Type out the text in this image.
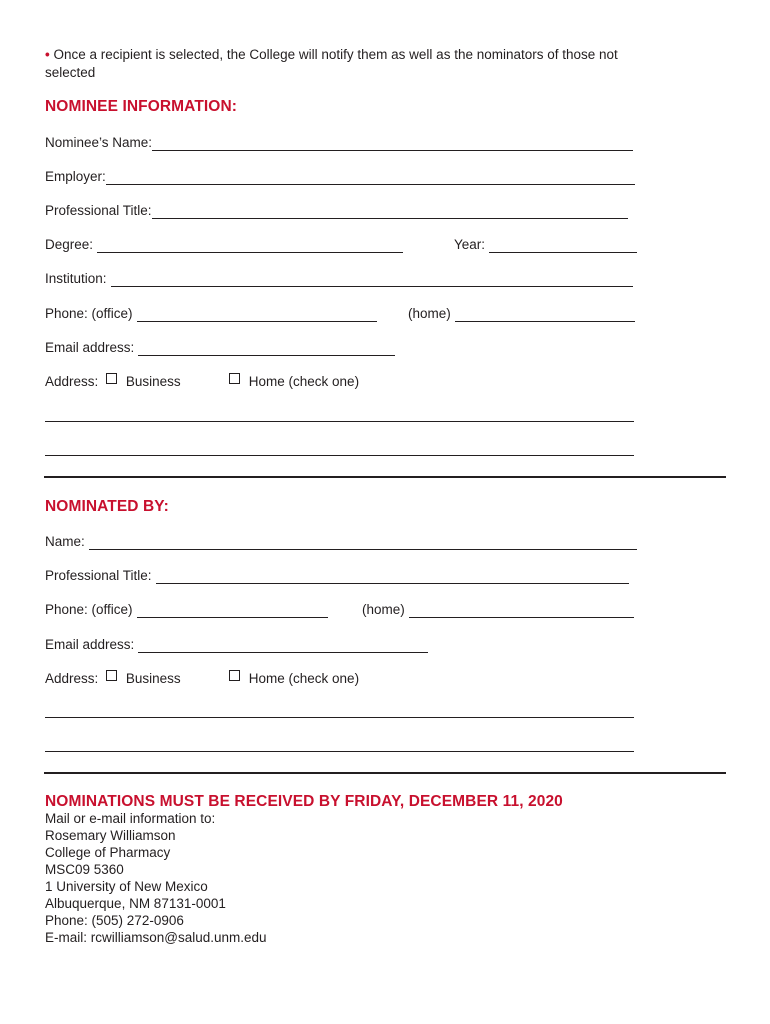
• Once a recipient is selected, the College will notify them as well as the nominators of those not
selected
NOMINEE INFORMATION:
Nominee’s Name:
Employer:
Professional Title:
Degree:	Year:
Institution:
Phone: (office)	(home)
Email address:
Address: Business	Home (check one)
NOMINATED BY:
Name:
Professional Title:
Phone: (office)	(home)
Email address:
Address: Business	Home (check one)
NOMINATIONS MUST BE RECEIVED BY FRIDAY, DECEMBER 11, 2020
Mail or e-mail information to:
Rosemary Williamson
College of Pharmacy
MSC09 5360
1 University of New Mexico
Albuquerque, NM 87131-0001
Phone: (505) 272-0906
E-mail: rcwilliamson@salud.unm.edu
